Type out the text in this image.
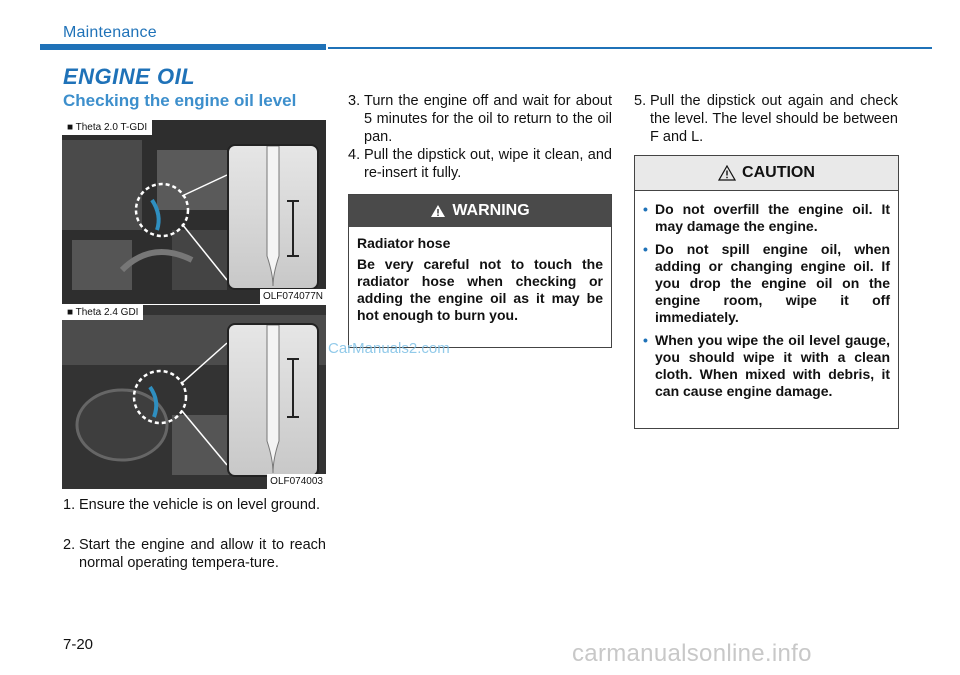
Maintenance
ENGINE OIL
Checking the engine oil level
■ Theta 2.0 T-GDI
OLF074077N
■ Theta 2.4 GDI
OLF074003
1. Ensure the vehicle is on level ground.
2. Start the engine and allow it to reach normal operating tempera-ture.
3. Turn the engine off and wait for about 5 minutes for the oil to return to the oil pan.
4. Pull the dipstick out, wipe it clean, and re-insert it fully.
WARNING
Radiator hose
Be very careful not to touch the radiator hose when checking or adding the engine oil as it may be hot enough to burn you.
5. Pull the dipstick out again and check the level. The level should be between F and L.
CAUTION
• Do not overfill the engine oil. It may damage the engine.
• Do not spill engine oil, when adding or changing engine oil. If you drop the engine oil on the engine room, wipe it off immediately.
• When you wipe the oil level gauge, you should wipe it with a clean cloth. When mixed with debris, it can cause engine damage.
CarManuals2.com
7-20	carmanualsonline.info
